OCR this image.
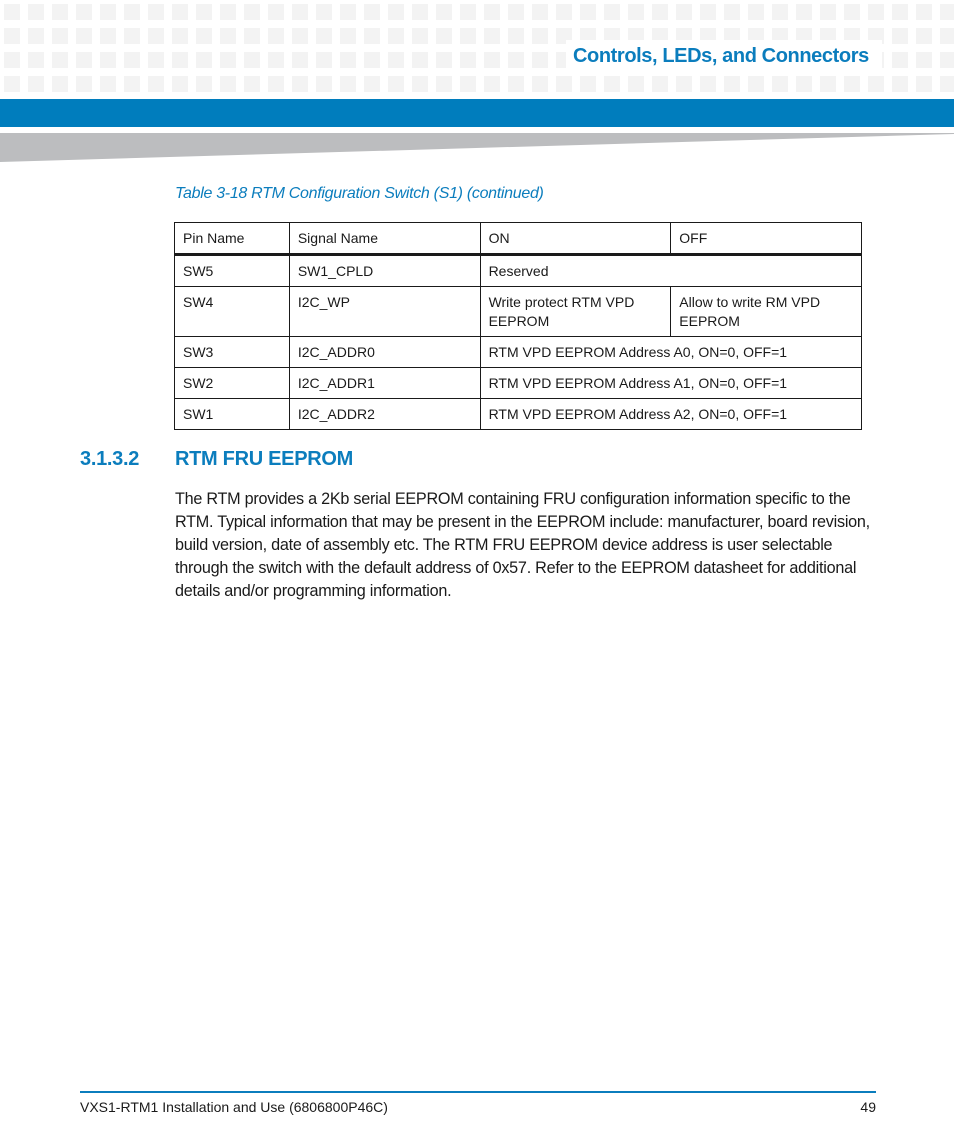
Controls, LEDs, and Connectors
Table 3-18 RTM Configuration Switch (S1) (continued)
Pin Name	Signal Name	ON	OFF
SW5	SW1_CPLD	Reserved	
SW4	I2C_WP	Write protect RTM VPD EEPROM	Allow to write RM VPD EEPROM
SW3	I2C_ADDR0	RTM VPD EEPROM Address A0, ON=0, OFF=1	
SW2	I2C_ADDR1	RTM VPD EEPROM Address A1, ON=0, OFF=1	
SW1	I2C_ADDR2	RTM VPD EEPROM Address A2, ON=0, OFF=1	
3.1.3.2 RTM FRU EEPROM

The RTM provides a 2Kb serial EEPROM containing FRU configuration information specific to the RTM. Typical information that may be present in the EEPROM include: manufacturer, board revision, build version, date of assembly etc. The RTM FRU EEPROM device address is user selectable through the switch with the default address of 0x57. Refer to the EEPROM datasheet for additional details and/or programming information.

VXS1-RTM1 Installation and Use (6806800P46C)	49
